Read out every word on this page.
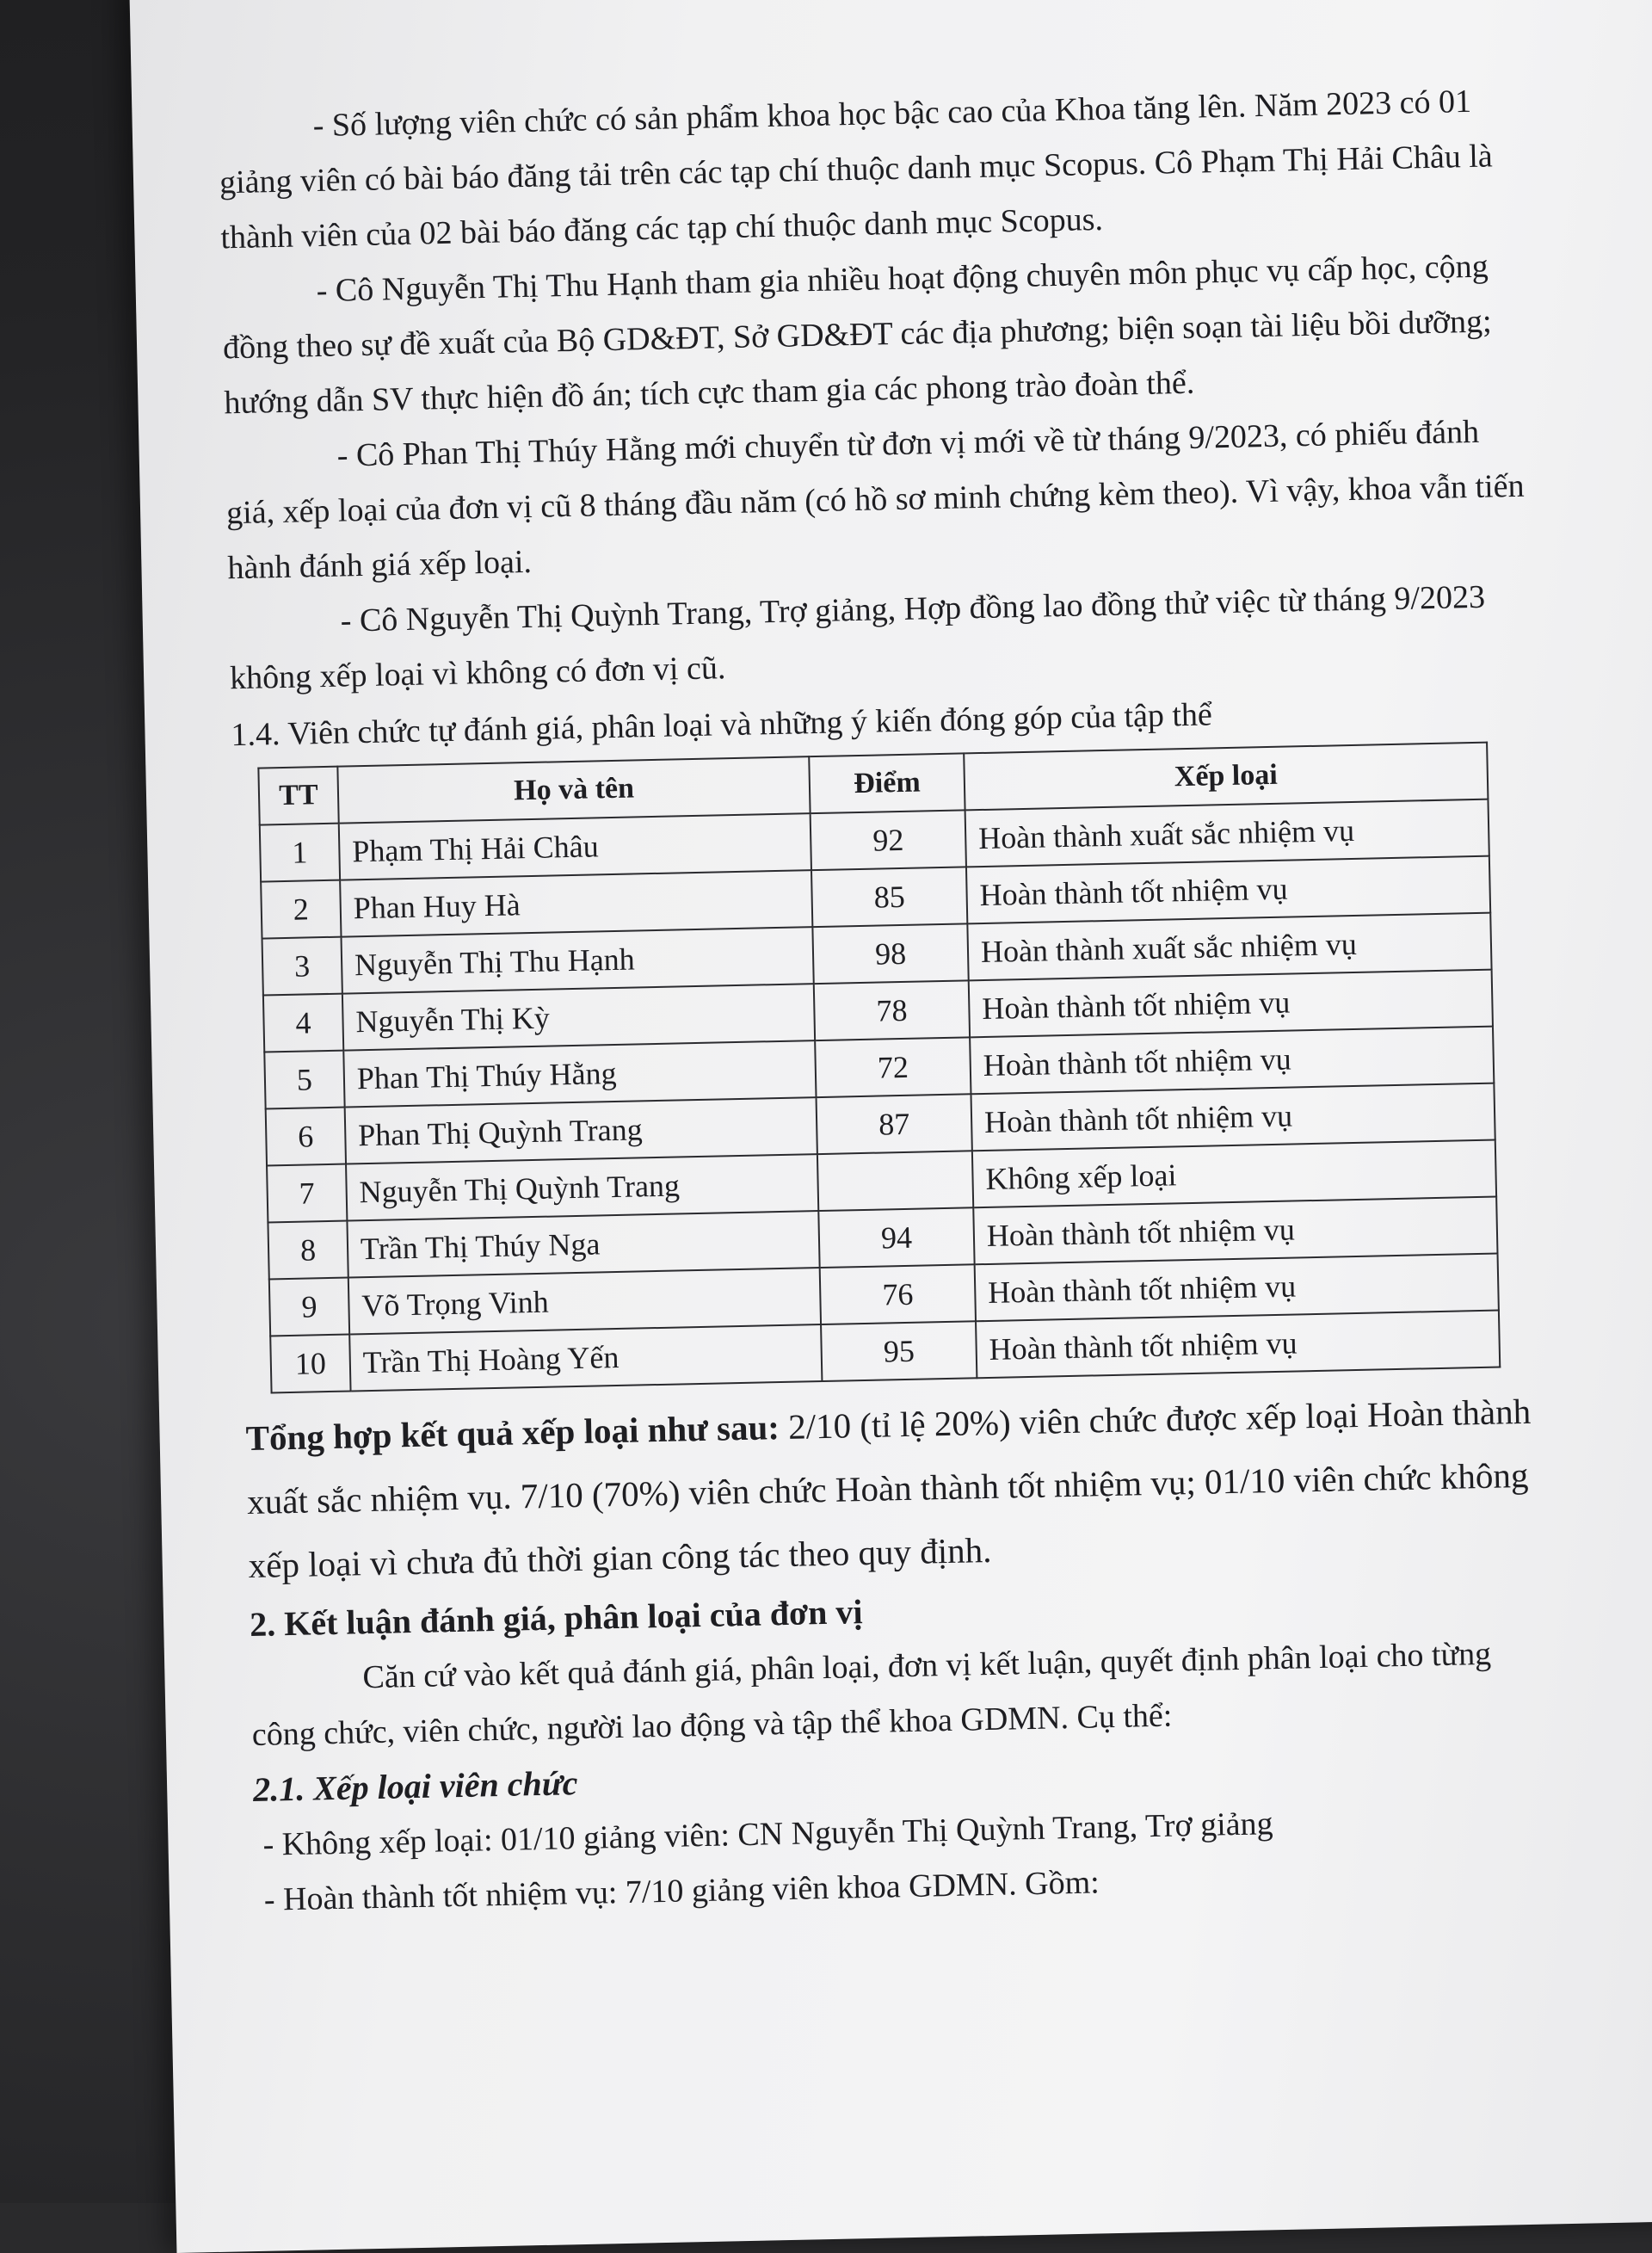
- Số lượng viên chức có sản phẩm khoa học bậc cao của Khoa tăng lên. Năm 2023 có 01 giảng viên có bài báo đăng tải trên các tạp chí thuộc danh mục Scopus. Cô Phạm Thị Hải Châu là thành viên của 02 bài báo đăng các tạp chí thuộc danh mục Scopus.

- Cô Nguyễn Thị Thu Hạnh tham gia nhiều hoạt động chuyên môn phục vụ cấp học, cộng đồng theo sự đề xuất của Bộ GD&ĐT, Sở GD&ĐT các địa phương; biện soạn tài liệu bồi dưỡng; hướng dẫn SV thực hiện đồ án; tích cực tham gia các phong trào đoàn thể.

- Cô Phan Thị Thúy Hằng mới chuyển từ đơn vị mới về từ tháng 9/2023, có phiếu đánh giá, xếp loại của đơn vị cũ 8 tháng đầu năm (có hồ sơ minh chứng kèm theo). Vì vậy, khoa vẫn tiến hành đánh giá xếp loại.

- Cô Nguyễn Thị Quỳnh Trang, Trợ giảng, Hợp đồng lao đồng thử việc từ tháng 9/2023 không xếp loại vì không có đơn vị cũ.

1.4. Viên chức tự đánh giá, phân loại và những ý kiến đóng góp của tập thể

TT	Họ và tên	Điểm	Xếp loại
1	Phạm Thị Hải Châu	92	Hoàn thành xuất sắc nhiệm vụ
2	Phan Huy Hà	85	Hoàn thành tốt nhiệm vụ
3	Nguyễn Thị Thu Hạnh	98	Hoàn thành xuất sắc nhiệm vụ
4	Nguyễn Thị Kỳ	78	Hoàn thành tốt nhiệm vụ
5	Phan Thị Thúy Hằng	72	Hoàn thành tốt nhiệm vụ
6	Phan Thị Quỳnh Trang	87	Hoàn thành tốt nhiệm vụ
7	Nguyễn Thị Quỳnh Trang		Không xếp loại
8	Trần Thị Thúy Nga	94	Hoàn thành tốt nhiệm vụ
9	Võ Trọng Vinh	76	Hoàn thành tốt nhiệm vụ
10	Trần Thị Hoàng Yến	95	Hoàn thành tốt nhiệm vụ

Tổng hợp kết quả xếp loại như sau: 2/10 (tỉ lệ 20%) viên chức được xếp loại Hoàn thành xuất sắc nhiệm vụ. 7/10 (70%) viên chức Hoàn thành tốt nhiệm vụ; 01/10 viên chức không xếp loại vì chưa đủ thời gian công tác theo quy định.

2. Kết luận đánh giá, phân loại của đơn vị

Căn cứ vào kết quả đánh giá, phân loại, đơn vị kết luận, quyết định phân loại cho từng công chức, viên chức, người lao động và tập thể khoa GDMN. Cụ thể:

2.1. Xếp loại viên chức

- Không xếp loại: 01/10 giảng viên: CN Nguyễn Thị Quỳnh Trang, Trợ giảng

- Hoàn thành tốt nhiệm vụ: 7/10 giảng viên khoa GDMN. Gồm:
